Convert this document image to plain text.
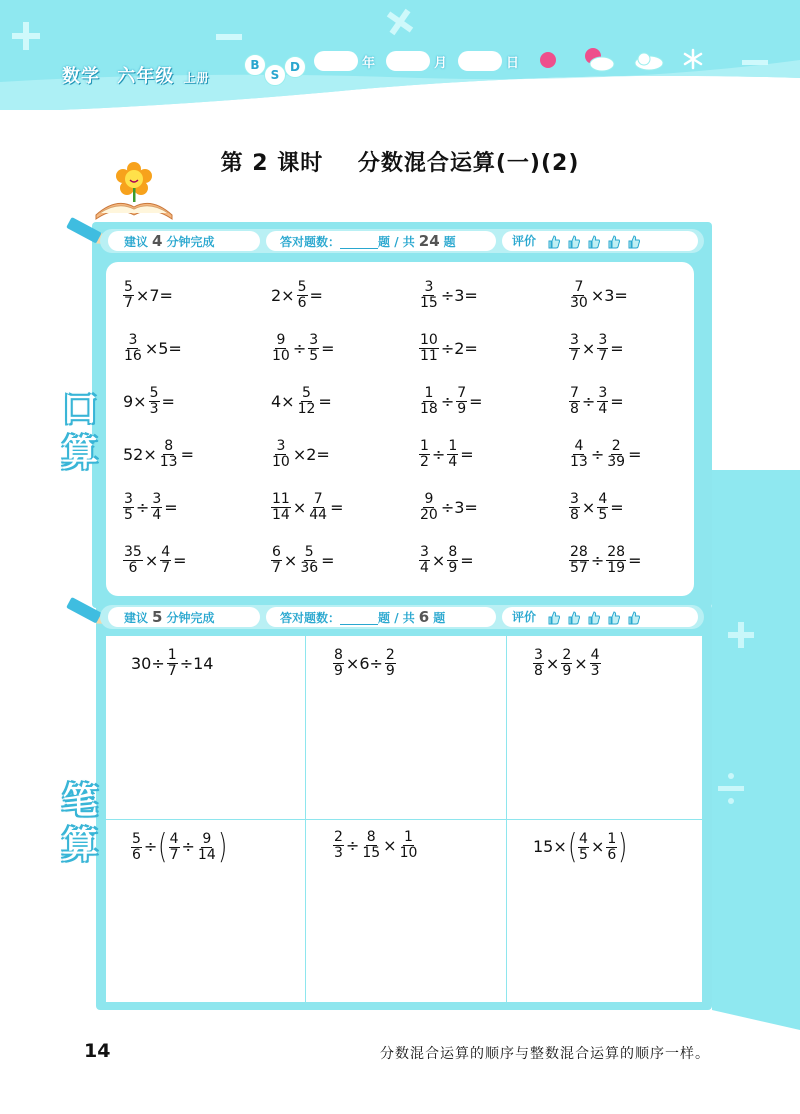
数学 六年级 上册
B
S
D	年	月	日
第 2 课时    分数混合运算(一)(2)
建议 4 分钟完成	答对题数：	题 / 共 24 题	评价
口
算
建议 5 分钟完成	答对题数：	题 / 共 6 题	评价
笔
算
14	分数混合运算的顺序与整数混合运算的顺序一样。
$\frac{5}{7} \times 7=$	$2\times \frac{5}{6}$ =	$\frac{3}{15} \div 3=$	$\frac{7}{30} \times 3=$
$\frac{3}{16} \times 5=$	$\frac{9}{10} \div \frac{3}{5}$ =	$\frac{10}{11} \div 2=$	$\frac{3}{7} \times \frac{3}{7}$ =
$9\times \frac{5}{3}$ =	$4\times \frac{5}{12}$ =	$\frac{1}{18} \div \frac{7}{9}$ =	$\frac{7}{8} \div \frac{3}{4}$ =
$52\times \frac{8}{13}$ =	$\frac{3}{10} \times 2=$	$\frac{1}{2} \div \frac{1}{4}$ =	$\frac{4}{13} \div \frac{2}{39}$ =
$\frac{3}{5} \div \frac{3}{4}$ =	$\frac{11}{14} \times \frac{7}{44}$ =	$\frac{9}{20} \div 3=$	$\frac{3}{8} \times \frac{4}{5}$ =
$\frac{35}{6} \times \frac{4}{7}$ =	$\frac{6}{7} \times \frac{5}{36}$ =	$\frac{3}{4} \times \frac{8}{9}$ =	$\frac{28}{57} \div \frac{28}{19}$ =
$30\div \frac{1}{7} \div 14$	$\frac{8}{9} \times 6\div \frac{2}{9}$	$\frac{3}{8} \times \frac{2}{9} \times \frac{4}{3}$
$\frac{5}{6}$ ÷ ( $\frac{4}{7} \div \frac{9}{14}$ )	$\frac{2}{3} \div \frac{8}{15} \times \frac{1}{10}$	15× ( $\frac{4}{5} \times \frac{1}{6}$ )
